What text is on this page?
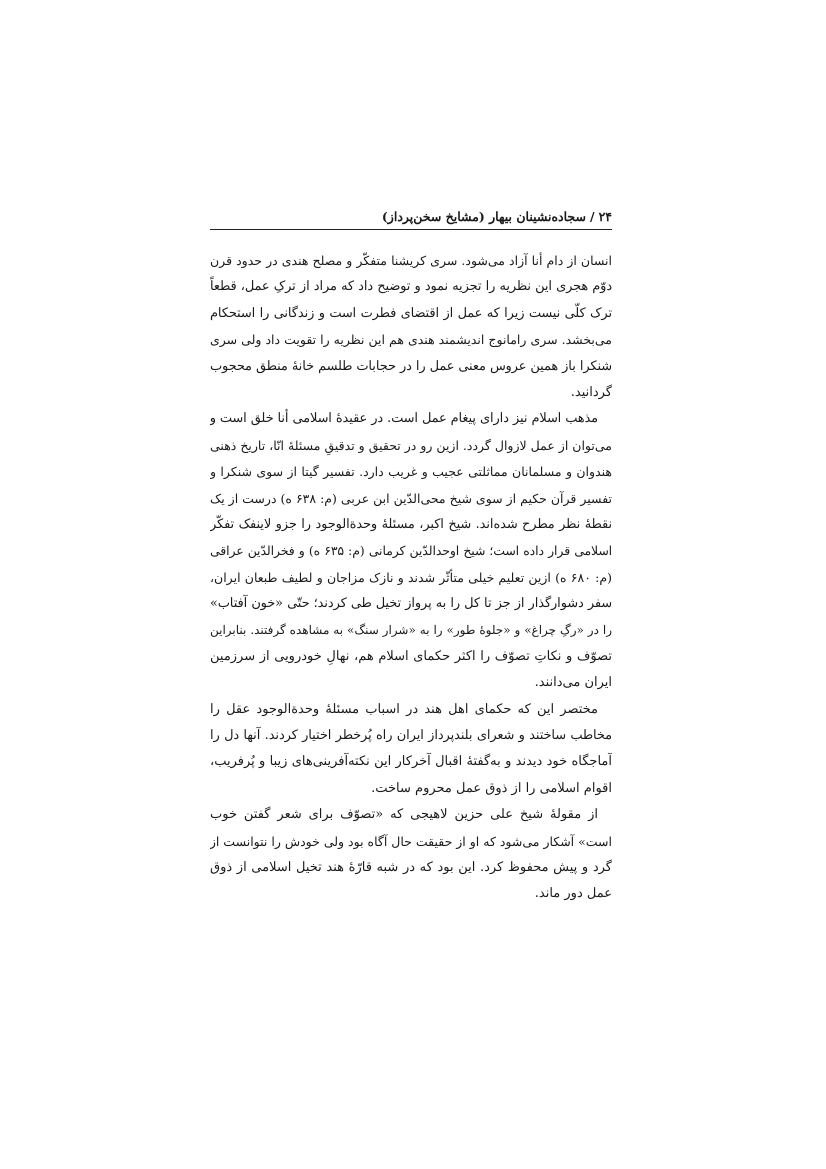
۲۴
/
سجاده‌نشینان بیهار (مشایخ سخن‌پرداز)
انسان از دام أنا آزاد می‌شود. سری کریشنا متفکّر و مصلح هندی در حدود قرن
دوّم هجری این نظریه را تجزیه نمود و توضیح داد که مراد از ترکِ عمل، قطعاً
ترک کلّی نیست زیرا که عمل از اقتضای فطرت است و زندگانی را استحکام
می‌بخشد. سری رامانوج اندیشمند هندی هم این نظریه را تقویت داد ولی سری
شنکرا باز همین عروس معنی عمل را در حجابات طلسم خانهٔ منطق محجوب
گردانید.
مذهب اسلام نیز دارای پیغام عمل است. در عقیدهٔ اسلامی أنا خلق است و
می‌توان از عمل لازوال گردد. ازین رو در تحقیق و تدقیقِ مسئلهٔ انّا، تاریخ ذهنی
هندوان و مسلمانان مماثلتی عجیب و غریب دارد. تفسیر گیتا از سوی شنکرا و
تفسیر قرآن حکیم از سوی شیخ محی‌الدّین ابن عربی (م: ۶۳۸ ه) درست از یک
نقطهٔ نظر مطرح شده‌اند. شیخ اکبر، مسئلهٔ وحدةالوجود را جزو لاینفک تفکّر
اسلامی قرار داده است؛ شیخ اوحدالدّین کرمانی (م: ۶۳۵ ه) و فخرالدّین عراقی
(م: ۶۸۰ ه) ازین تعلیم خیلی متأثّر شدند و نازک مزاجان و لطیف طبعان ایران،
سفر دشوارگذار از جز تا کل را به پرواز تخیل طی کردند؛ حتّی «خون آفتاب»
را در «رگِ چراغ» و «جلوهٔ طور» را به «شرار سنگ» به مشاهده گرفتند. بنابراین
تصوّف و نکاتِ تصوّف را اکثر حکمای اسلام هم، نهالِ خودرویی از سرزمین
ایران می‌دانند.
مختصر این که حکمای اهل هند در اسباب مسئلهٔ وحدةالوجود عقل را
مخاطب ساختند و شعرای بلندپرداز ایران راه پُرخطر اختیار کردند. آنها دل را
آماجگاه خود دیدند و به‌گفتهٔ اقبال آخرکار این نکته‌آفرینی‌های زیبا و پُرفریب،
اقوام اسلامی را از ذوق عمل محروم ساخت.
از مقولهٔ شیخ علی حزین لاهیجی که «تصوّف برای شعر گفتن خوب
است» آشکار می‌شود که او از حقیقت حال آگاه بود ولی خودش را نتوانست از
گرد و پیش محفوظ کرد. این بود که در شبه قارّهٔ هند تخیل اسلامی از ذوق
عمل دور ماند.
